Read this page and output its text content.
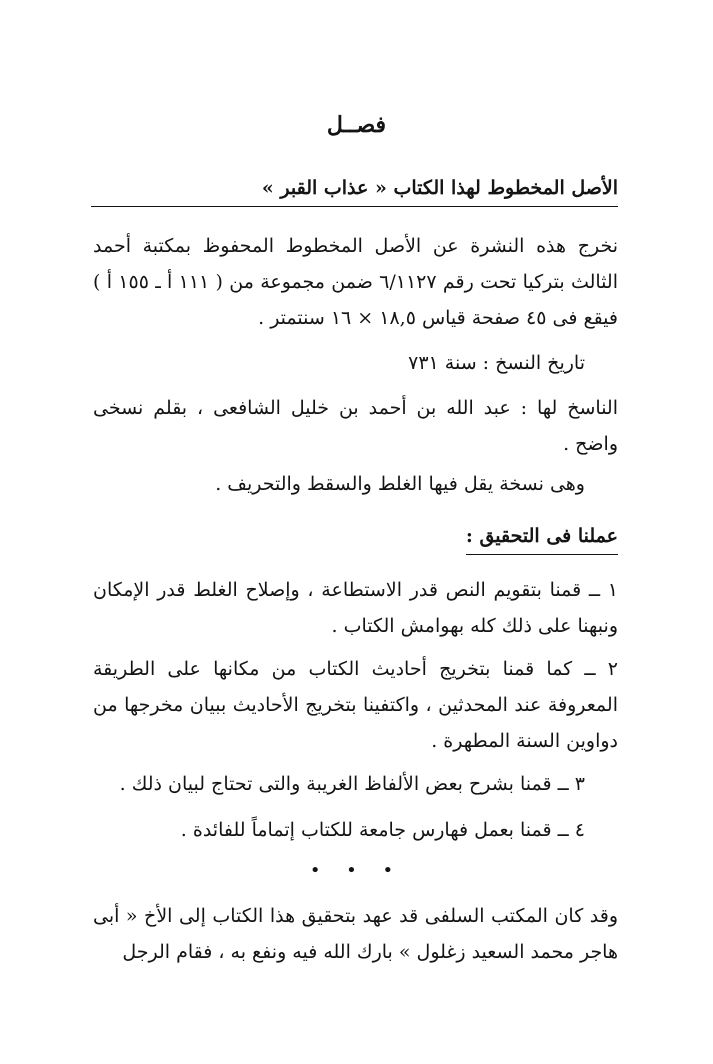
فصــل
الأصل المخطوط لهذا الكتاب « عذاب القبر »
نخرج هذه النشرة عن الأصل المخطوط المحفوظ بمكتبة أحمد الثالث بتركيا تحت رقم ٦/١١٢٧ ضمن مجموعة من ( ١١١ أ ـ ١٥٥ أ ) فيقع فى ٤٥ صفحة قياس ١٨,٥ × ١٦ سنتمتر .
تاريخ النسخ : سنة ٧٣١
الناسخ لها : عبد الله بن أحمد بن خليل الشافعى ، بقلم نسخى واضح .
وهى نسخة يقل فيها الغلط والسقط والتحريف .
عملنا فى التحقيق :
١ ــ قمنا بتقويم النص قدر الاستطاعة ، وإصلاح الغلط قدر الإمكان ونبهنا على ذلك كله بهوامش الكتاب .
٢ ــ كما قمنا بتخريج أحاديث الكتاب من مكانها على الطريقة المعروفة عند المحدثين ، واكتفينا بتخريج الأحاديث ببيان مخرجها من دواوين السنة المطهرة .
٣ ــ قمنا بشرح بعض الألفاظ الغريبة والتى تحتاج لبيان ذلك .
٤ ــ قمنا بعمل فهارس جامعة للكتاب إتماماً للفائدة .
• • •
وقد كان المكتب السلفى قد عهد بتحقيق هذا الكتاب إلى الأخ « أبى هاجر محمد السعيد زغلول » بارك الله فيه ونفع به ، فقام الرجل
